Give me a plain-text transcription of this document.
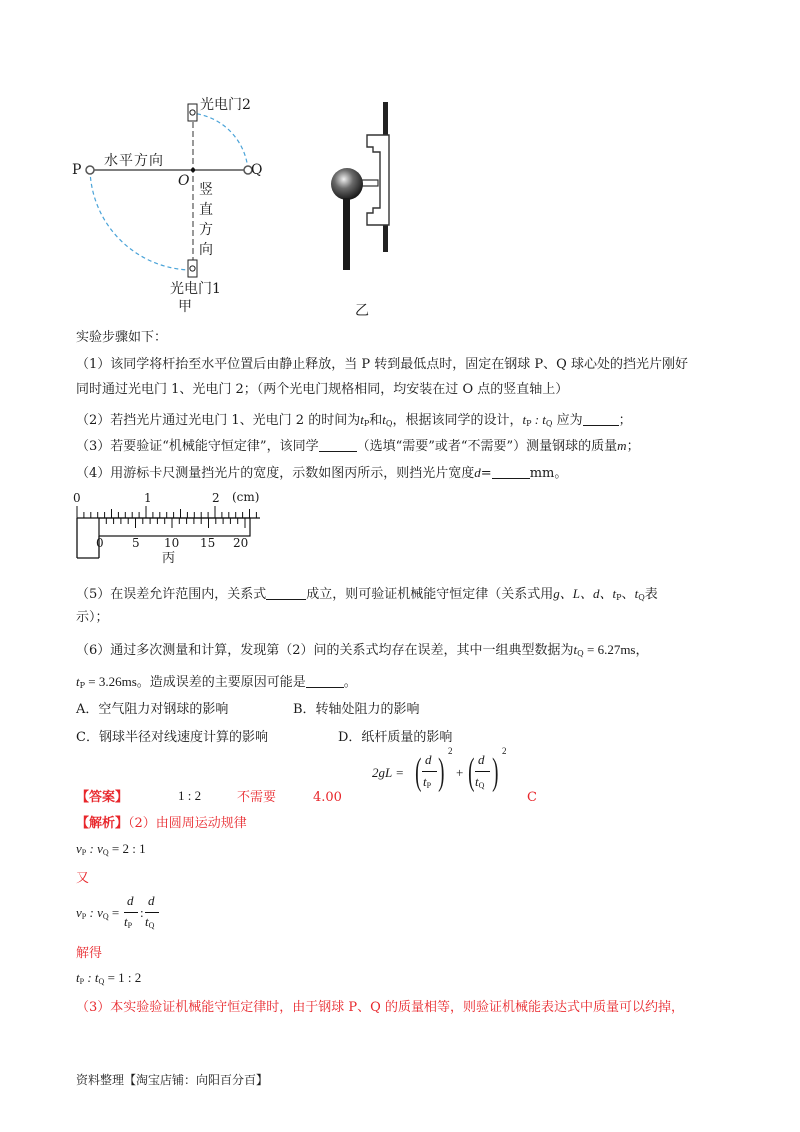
P	Q
O
水平方向
竖
直
方
向
光电门2
光电门1
甲	乙
实验步骤如下：
（1）该同学将杆抬至水平位置后由静止释放，当 P 转到最低点时，固定在钢球 P、Q 球心处的挡光片刚好
同时通过光电门 1、光电门 2；（两个光电门规格相同，均安装在过 O 点的竖直轴上）
（2）若挡光片通过光电门 1、光电门 2 的时间为$t_P$和$t_Q$，根据该同学的设计，$t_P$ : $t_Q$ 应为	；
（3）若要验证“机械能守恒定律”，该同学	（选填“需要”或者“不需要”）测量钢球的质量m；
（4）用游标卡尺测量挡光片的宽度，示数如图丙所示，则挡光片宽度d=	mm。
0	1	2 (cm)
0 5 10 15 20
丙
（5）在误差允许范围内，关系式	成立，则可验证机械能守恒定律（关系式用g、L、d、$t_P$、$t_Q$表
示）；
（6）通过多次测量和计算，发现第（2）问的关系式均存在误差，其中一组典型数据为$t_Q = 6.27ms$，
$t_P = 3.26ms$。造成误差的主要原因可能是	。
A．空气阻力对钢球的影响	B．转轴处阻力的影响
C．钢球半径对线速度计算的影响	D．纸杆质量的影响
【答案】	1 : 2	不需要	4.00
2gL = ( d
$t_P$ ) 2
+ ( d
$t_Q$ ) 2
C
【解析】（2）由圆周运动规律
$v_P$ : $v_Q = 2$ : 1
又
$v_P$ : $v_Q$ =
d
$t_P$
:
d
$t_Q$
解得
$t_P$ : $t_Q = 1$ : 2
（3）本实验验证机械能守恒定律时，由于钢球 P、Q 的质量相等，则验证机械能表达式中质量可以约掉，
资料整理【淘宝店铺：向阳百分百】
